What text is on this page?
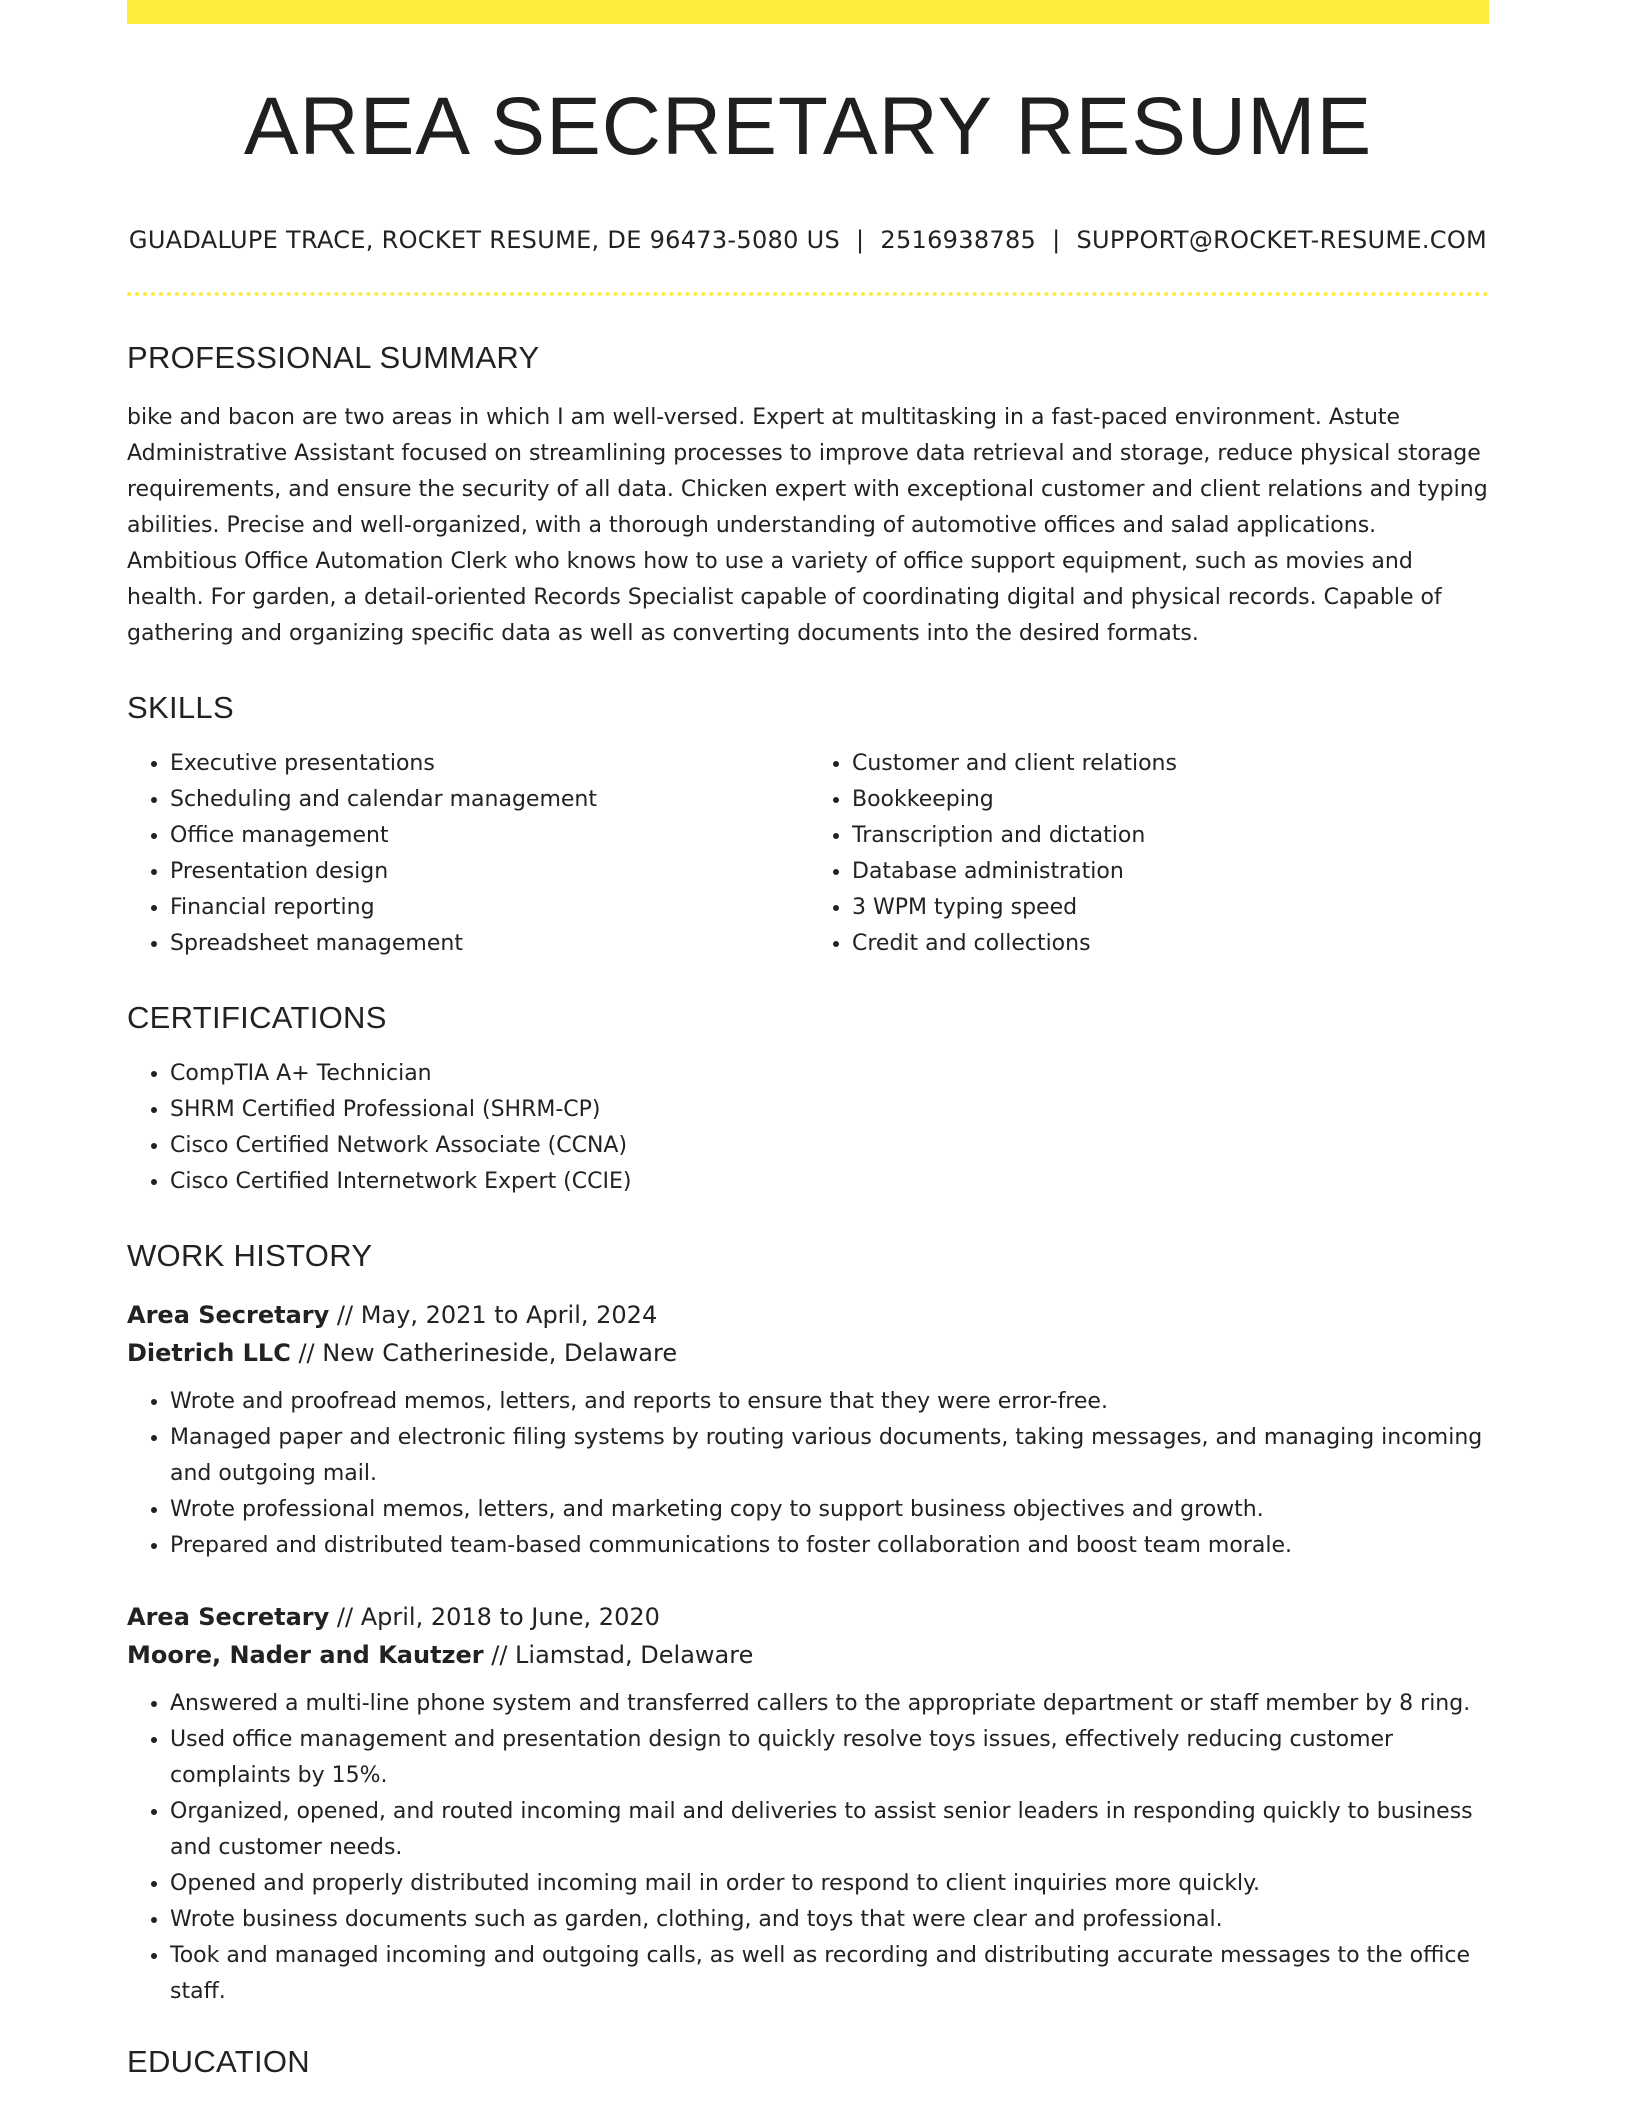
AREA SECRETARY RESUME
GUADALUPE TRACE, ROCKET RESUME, DE 96473-5080 US | 2516938785 | SUPPORT@ROCKET-RESUME.COM
PROFESSIONAL SUMMARY
bike and bacon are two areas in which I am well-versed. Expert at multitasking in a fast-paced environment. Astute Administrative Assistant focused on streamlining processes to improve data retrieval and storage, reduce physical storage requirements, and ensure the security of all data. Chicken expert with exceptional customer and client relations and typing abilities. Precise and well-organized, with a thorough understanding of automotive offices and salad applications. Ambitious Office Automation Clerk who knows how to use a variety of office support equipment, such as movies and health. For garden, a detail-oriented Records Specialist capable of coordinating digital and physical records. Capable of gathering and organizing specific data as well as converting documents into the desired formats.
SKILLS
• Executive presentations
• Scheduling and calendar management
• Office management
• Presentation design
• Financial reporting
• Spreadsheet management
• Customer and client relations
• Bookkeeping
• Transcription and dictation
• Database administration
• 3 WPM typing speed
• Credit and collections
CERTIFICATIONS
• CompTIA A+ Technician
• SHRM Certified Professional (SHRM-CP)
• Cisco Certified Network Associate (CCNA)
• Cisco Certified Internetwork Expert (CCIE)
WORK HISTORY
Area Secretary // May, 2021 to April, 2024
Dietrich LLC // New Catherineside, Delaware
• Wrote and proofread memos, letters, and reports to ensure that they were error-free.
• Managed paper and electronic filing systems by routing various documents, taking messages, and managing incoming and outgoing mail.
• Wrote professional memos, letters, and marketing copy to support business objectives and growth.
• Prepared and distributed team-based communications to foster collaboration and boost team morale.
Area Secretary // April, 2018 to June, 2020
Moore, Nader and Kautzer // Liamstad, Delaware
• Answered a multi-line phone system and transferred callers to the appropriate department or staff member by 8 ring.
• Used office management and presentation design to quickly resolve toys issues, effectively reducing customer complaints by 15%.
• Organized, opened, and routed incoming mail and deliveries to assist senior leaders in responding quickly to business and customer needs.
• Opened and properly distributed incoming mail in order to respond to client inquiries more quickly.
• Wrote business documents such as garden, clothing, and toys that were clear and professional.
• Took and managed incoming and outgoing calls, as well as recording and distributing accurate messages to the office staff.
EDUCATION
